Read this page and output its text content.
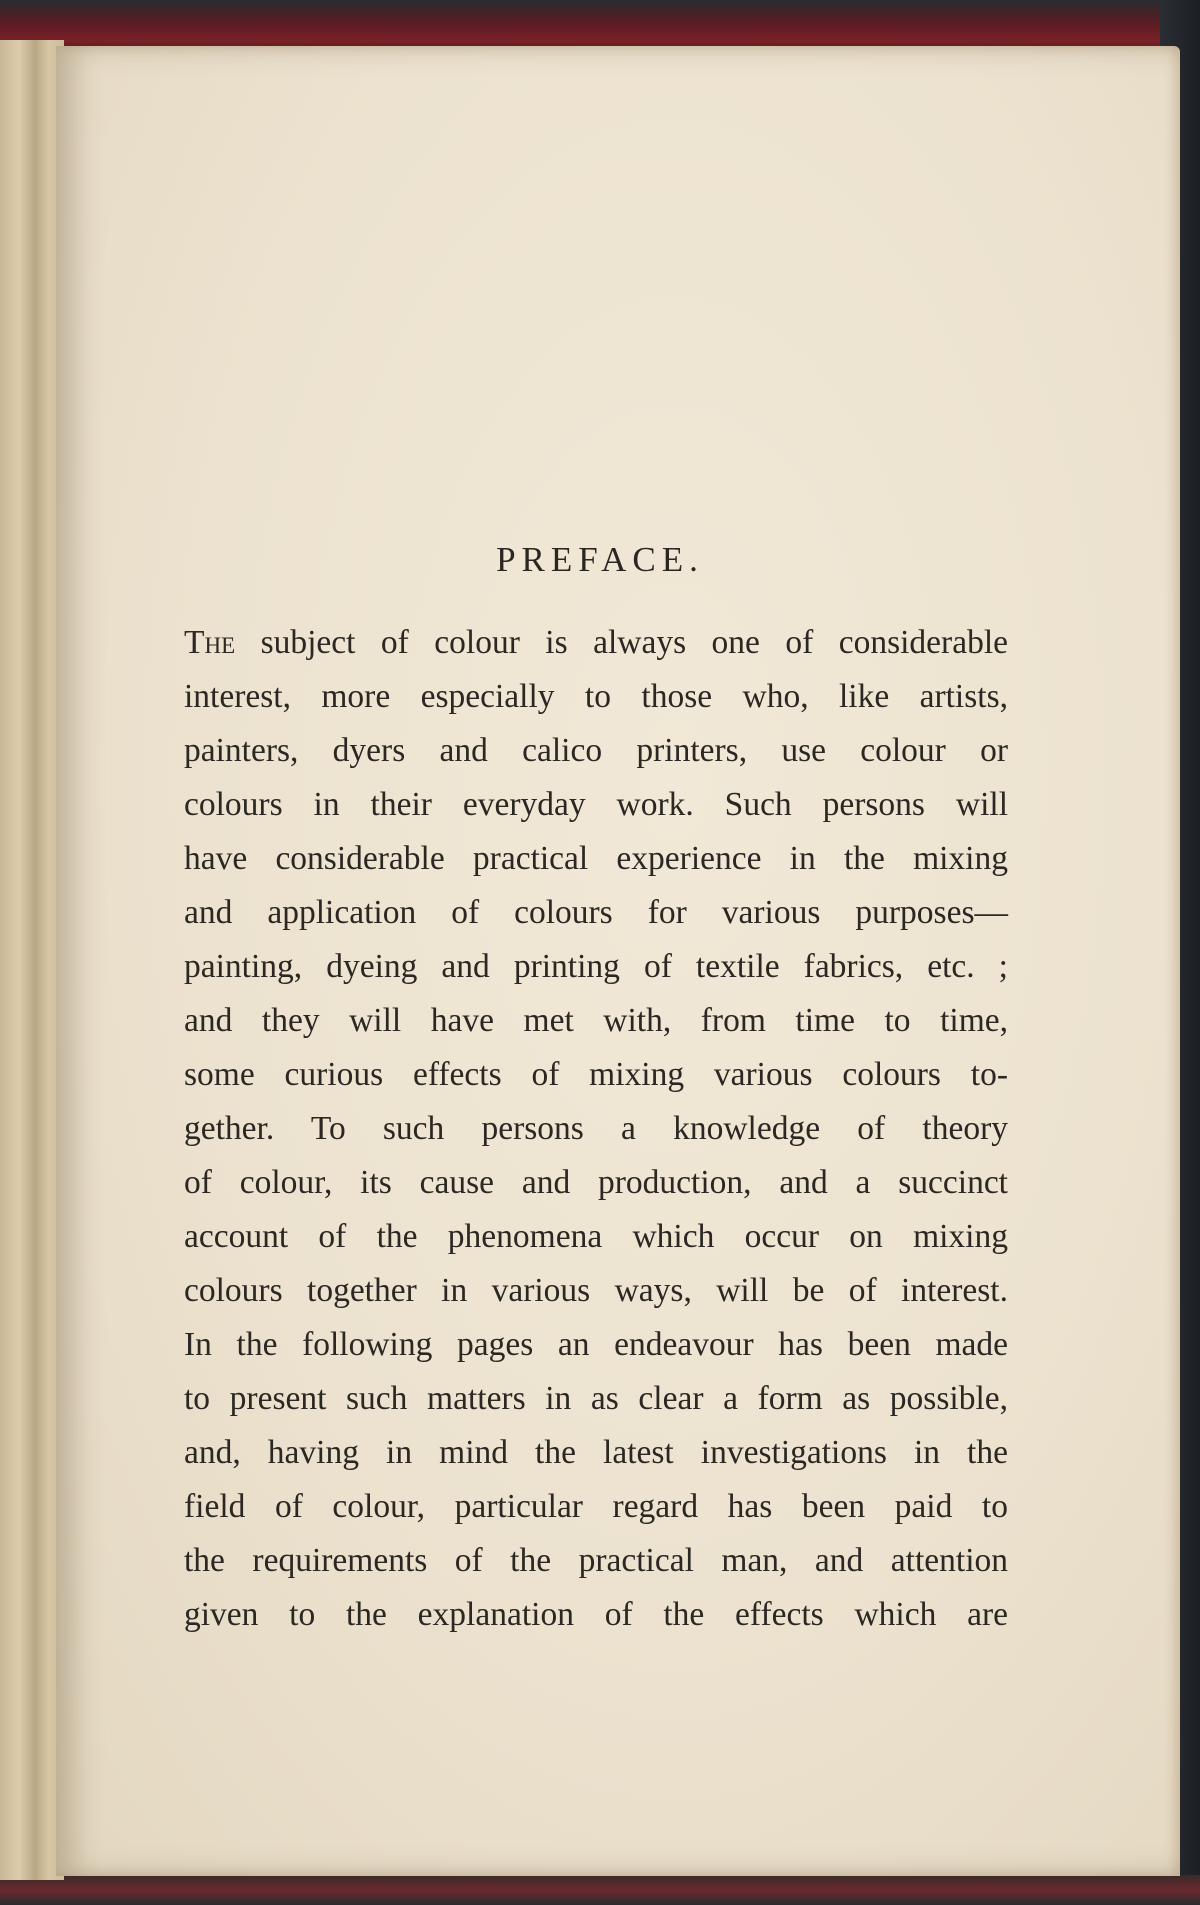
PREFACE.
The subject of colour is always one of considerable
interest, more especially to those who, like artists,
painters, dyers and calico printers, use colour or
colours in their everyday work. Such persons will
have considerable practical experience in the mixing
and application of colours for various purposes—
painting, dyeing and printing of textile fabrics, etc. ;
and they will have met with, from time to time,
some curious effects of mixing various colours to-
gether. To such persons a knowledge of theory
of colour, its cause and production, and a succinct
account of the phenomena which occur on mixing
colours together in various ways, will be of interest.
In the following pages an endeavour has been made
to present such matters in as clear a form as possible,
and, having in mind the latest investigations in the
field of colour, particular regard has been paid to
the requirements of the practical man, and attention
given to the explanation of the effects which are
